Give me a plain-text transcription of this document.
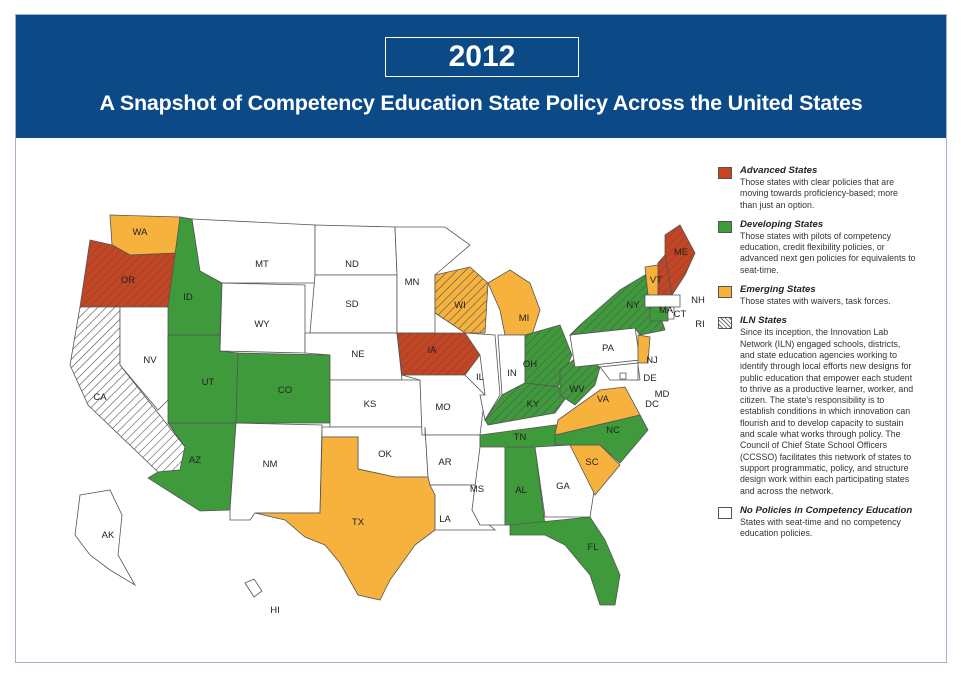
2012
A Snapshot of Competency Education State Policy Across the United States
WA
OR
CA
ID
NV
MT
WY
UT
AZ
CO
NM
ND
SD
NE
KS
OK
TX
MN
IA
MO
AR
LA
WI
IL
MI
IN
OH
KY
TN
MS	AL	GA
FL
SC
NC
VA
WV
PA
NY
VT
NH
ME
MA CT
RI
NJ
DE
MD
DC
AK
HI
Advanced States
Those states with clear policies that are moving towards proficiency-based; more than just an option.
Developing States
Those states with pilots of competency education, credit flexibility policies, or advanced next gen policies for equivalents to seat-time.
Emerging States
Those states with waivers, task forces.
ILN States
Since its inception, the Innovation Lab Network (ILN) engaged schools, districts, and state education agencies working to identify through local efforts new designs for public education that empower each student to thrive as a productive learner, worker, and citizen. The state's responsibility is to establish conditions in which innovation can flourish and to develop capacity to sustain and scale what works through policy. The Council of Chief State School Officers (CCSSO) facilitates this network of states to support programmatic, policy, and structure design work within each participating states and across the network.
No Policies in Competency Education
States with seat-time and no competency education policies.
